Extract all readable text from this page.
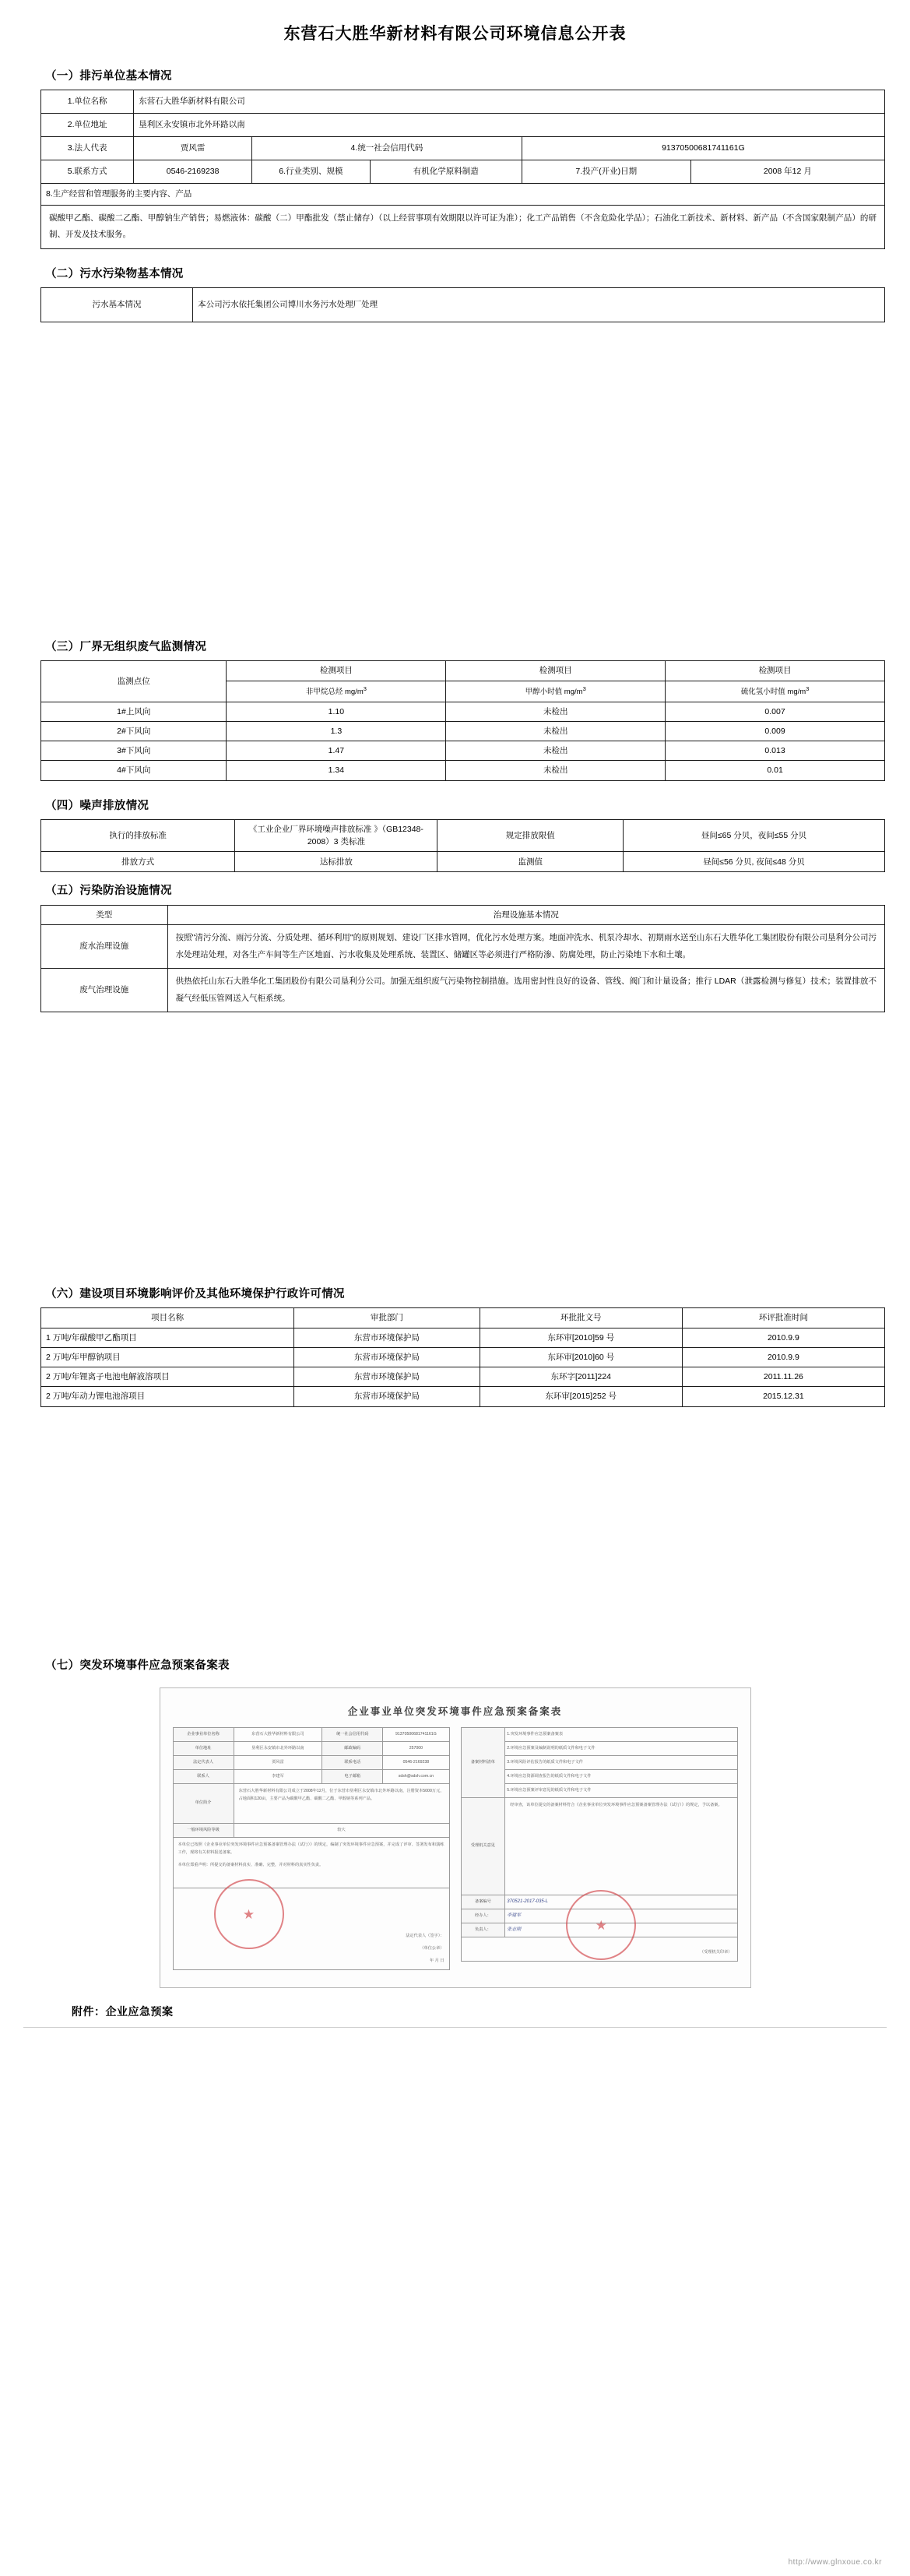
东营石大胜华新材料有限公司环境信息公开表
（一）排污单位基本情况
1.单位名称	东营石大胜华新材料有限公司				
2.单位地址	垦利区永安镇市北外环路以南				
3.法人代表	贾风雷	4.统一社会信用代码		91370500681741161G	
5.联系方式	0546-2169238	6.行业类别、规模	有机化学原料制造	7.投产(开业)日期	2008 年12 月
8.生产经营和管理服务的主要内容、产品					

碳酸甲乙酯、碳酸二乙酯、甲醇钠生产销售；易燃液体：碳酸（二）甲酯批发（禁止储存）（以上经营事项有效期限以许可证为准）；化工产品销售（不含危险化学品）；石油化工新技术、新材料、新产品（不含国家限制产品）的研制、开发及技术服务。					
（二）污水污染物基本情况
污水基本情况	本公司污水依托集团公司博川水务污水处理厂处理
（三）厂界无组织废气监测情况
监测点位	检测项目	检测项目	检测项目
	非甲烷总烃 $mg/m^3$	甲醇小时值 $mg/m^3$	硫化氢小时值 $mg/m^3$
1#上风向	1.10	未检出	0.007
2#下风向	1.3	未检出	0.009
3#下风向	1.47	未检出	0.013
4#下风向	1.34	未检出	0.01
（四）噪声排放情况
执行的排放标准	《工业企业厂界环境噪声排放标准 》（GB12348-2008）3 类标准	规定排放限值	昼间≤65 分贝，夜间≤55 分贝
排放方式	达标排放	监测值	昼间≤56 分贝, 夜间≤48 分贝
（五）污染防治设施情况
类型	治理设施基本情况
废水治理设施	按照"清污分流、雨污分流、分质处理、循环利用"的原则规划、建设厂区排水管网，优化污水处理方案。地面冲洗水、机泵冷却水、初期雨水送至山东石大胜华化工集团股份有限公司垦利分公司污水处理站处理，对各生产车间等生产区地面、污水收集及处理系统、装置区、储罐区等必须进行严格防渗、防腐处理，防止污染地下水和土壤。

废气治理设施	供热依托山东石大胜华化工集团股份有限公司垦利分公司。加强无组织废气污染物控制措施。选用密封性良好的设备、管线、阀门和计量设备；推行 LDAR（泄露检测与修复）技术；装置排放不凝气经低压管网送入气柜系统。
（六）建设项目环境影响评价及其他环境保护行政许可情况
项目名称	审批部门	环批批文号	环评批准时间
1 万吨/年碳酸甲乙酯项目	东营市环境保护局	东环审[2010]59 号	2010.9.9
2 万吨/年甲醇钠项目	东营市环境保护局	东环审[2010]60 号	2010.9.9
2 万吨/年锂离子电池电解液溶项目	东营市环境保护局	东环字[2011]224	2011.11.26
2 万吨/年动力锂电池溶项目	东营市环境保护局	东环审[2015]252 号	2015.12.31
（七）突发环境事件应急预案备案表
企业事业单位突发环境事件应急预案备案表
企业事业单位名称	东营石大胜华新材料有限公司	统一社会信用代码	91370500681741161G
单位地址	垦利区永安镇市北外环路以南	邮政编码	257000
法定代表人	贾风雷	联系电话	0546-2169238
联系人	李建军	电子邮箱	sdsh@sdsh.com.cn
单位简介	东营石大胜华新材料有限公司成立于2008年12月，位于东营市垦利区永安镇市北外环路以南，注册资本5000万元，占地面积120亩，主要产品为碳酸甲乙酯、碳酸二乙酯、甲醇钠等系列产品。		

一般环境风险等级	较大		

本单位已按照《企业事业单位突发环境事件应急预案备案管理办法（试行）》的规定，编制了突发环境事件应急预案，并完成了评审、签署发布和演练工作，现将有关材料报送备案。
本单位郑重声明：所提交的备案材料真实、准确、完整，并对材料的真实性负责。			

★
法定代表人（签字）：
（单位公章）
年 月 日			
备案材料清单	1.突发环境事件应急预案备案表
	2.环境应急预案及编制说明的纸质文件和电子文件
	3.环境风险评估报告的纸质文件和电子文件
	4.环境应急资源调查报告的纸质文件和电子文件
	5.环境应急预案评审意见的纸质文件和电子文件
受理机关意见	经审查，该单位提交的备案材料符合《企业事业单位突发环境事件应急预案备案管理办法（试行）》的规定，予以备案。
★

备案编号	370521-2017-035-L
经办人：	李建军
负责人：	张志刚

（受理机关印章）	
附件：企业应急预案
http://www.glnxoue.co.kr
